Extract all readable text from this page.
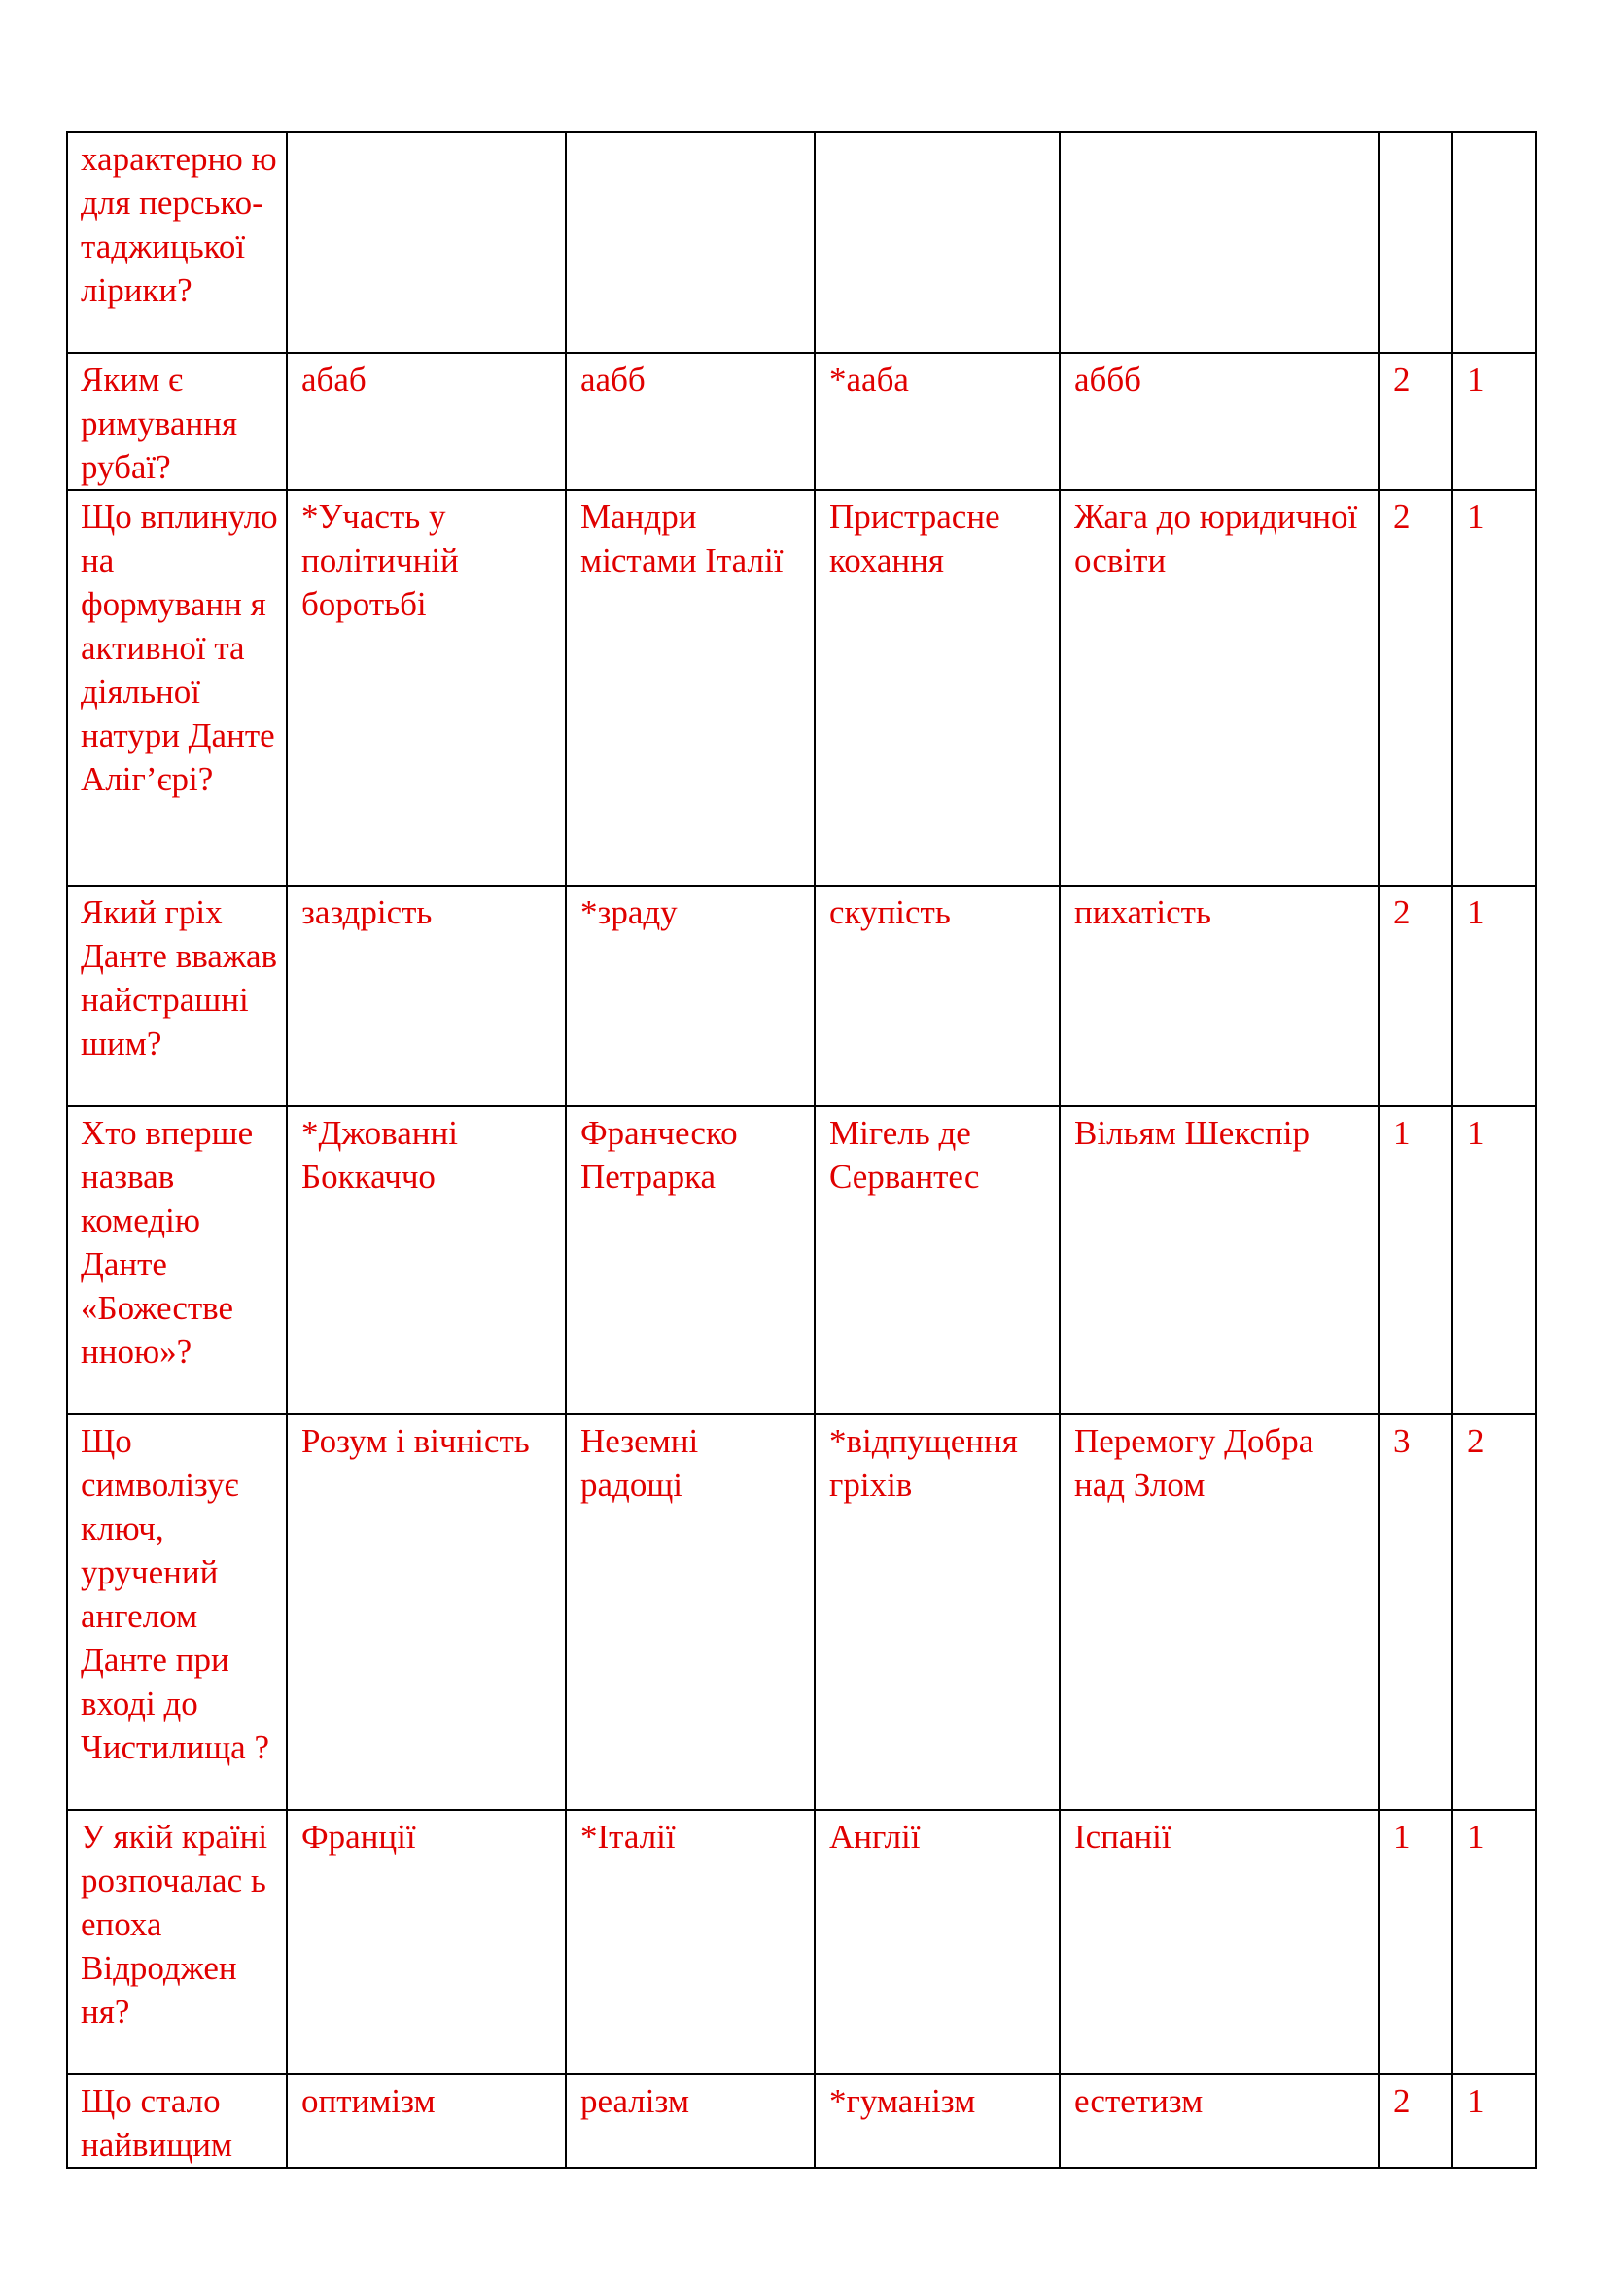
характерно ю для персько-таджицької лірики?						
Яким є римування рубаї?	абаб	аабб	*ааба	аббб	2	1
Що вплинуло на формуванн я активної та діяльної натури Данте Аліг’єрі?	*Участь у політичній боротьбі	Мандри містами Італії	Пристрасне кохання	Жага до юридичної освіти	2	1
Який гріх Данте вважав найстрашні шим?	заздрість	*зраду	скупість	пихатість	2	1
Хто вперше назвав комедію Данте «Божестве нною»?	*Джованні Боккаччо	Франческо Петрарка	Мігель де Сервантес	Вільям Шекспір	1	1
Що символізує ключ, уручений ангелом Данте при вході до Чистилища ?	Розум і вічність	Неземні радощі	*відпущення гріхів	Перемогу Добра над Злом	3	2
У якій країні розпочалас ь епоха Відроджен ня?	Франції	*Італії	Англії	Іспанії	1	1
Що стало найвищим	оптимізм	реалізм	*гуманізм	естетизм	2	1
